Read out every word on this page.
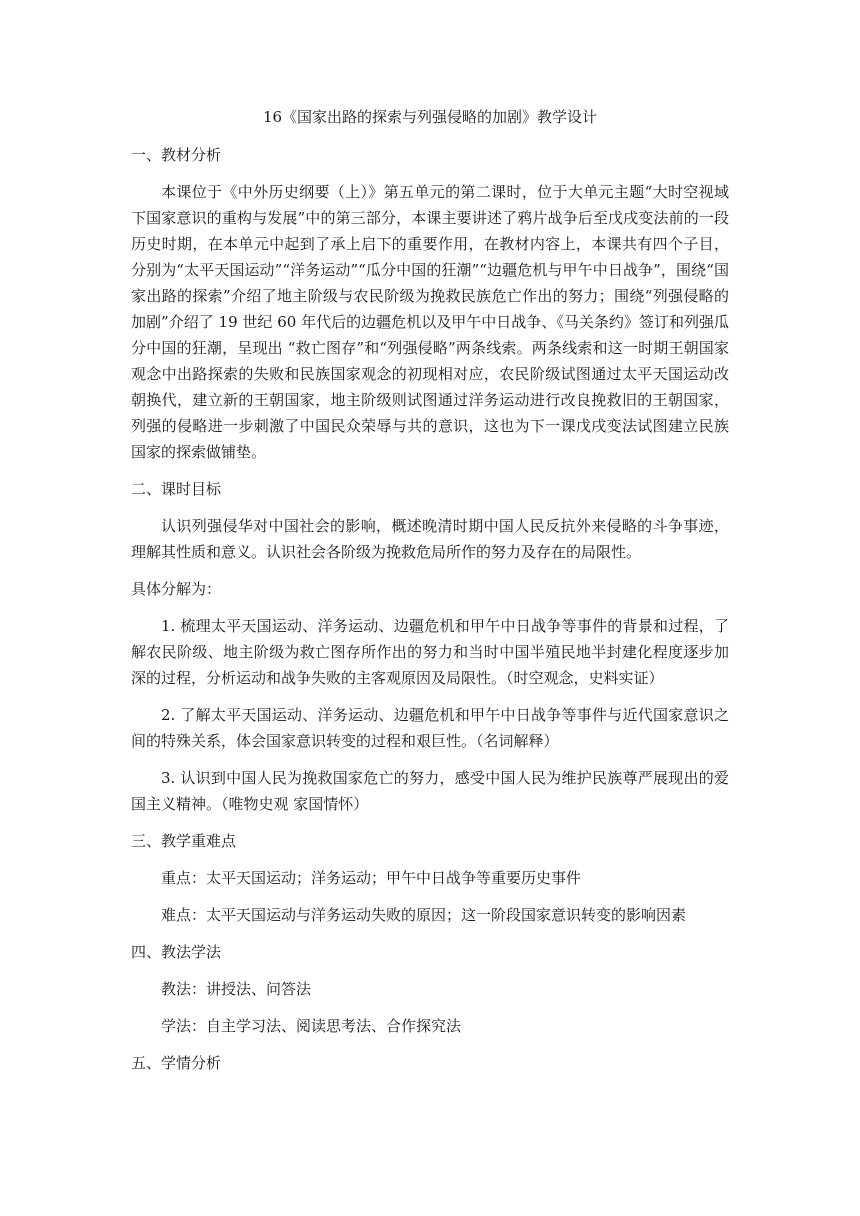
16《国家出路的探索与列强侵略的加剧》教学设计
一、教材分析
本课位于《中外历史纲要（上）》第五单元的第二课时，位于大单元主题“大时空视域下国家意识的重构与发展”中的第三部分，本课主要讲述了鸦片战争后至戊戌变法前的一段历史时期，在本单元中起到了承上启下的重要作用，在教材内容上，本课共有四个子目，分别为“太平天国运动”“洋务运动”“瓜分中国的狂潮”“边疆危机与甲午中日战争”，围绕“国家出路的探索”介绍了地主阶级与农民阶级为挽救民族危亡作出的努力；围绕“列强侵略的加剧”介绍了 19 世纪 60 年代后的边疆危机以及甲午中日战争、《马关条约》签订和列强瓜分中国的狂潮，呈现出 “救亡图存”和“列强侵略”两条线索。两条线索和这一时期王朝国家观念中出路探索的失败和民族国家观念的初现相对应，农民阶级试图通过太平天国运动改朝换代，建立新的王朝国家，地主阶级则试图通过洋务运动进行改良挽救旧的王朝国家，列强的侵略进一步刺激了中国民众荣辱与共的意识，这也为下一课戊戌变法试图建立民族国家的探索做铺垫。
二、课时目标
认识列强侵华对中国社会的影响，概述晚清时期中国人民反抗外来侵略的斗争事迹，理解其性质和意义。认识社会各阶级为挽救危局所作的努力及存在的局限性。
具体分解为：
1. 梳理太平天国运动、洋务运动、边疆危机和甲午中日战争等事件的背景和过程，了解农民阶级、地主阶级为救亡图存所作出的努力和当时中国半殖民地半封建化程度逐步加深的过程，分析运动和战争失败的主客观原因及局限性。（时空观念，史料实证）
2. 了解太平天国运动、洋务运动、边疆危机和甲午中日战争等事件与近代国家意识之间的特殊关系，体会国家意识转变的过程和艰巨性。（名词解释）
3. 认识到中国人民为挽救国家危亡的努力，感受中国人民为维护民族尊严展现出的爱国主义精神。（唯物史观 家国情怀）
三、教学重难点
重点：太平天国运动；洋务运动；甲午中日战争等重要历史事件
难点：太平天国运动与洋务运动失败的原因；这一阶段国家意识转变的影响因素
四、教法学法
教法：讲授法、问答法
学法：自主学习法、阅读思考法、合作探究法
五、学情分析
